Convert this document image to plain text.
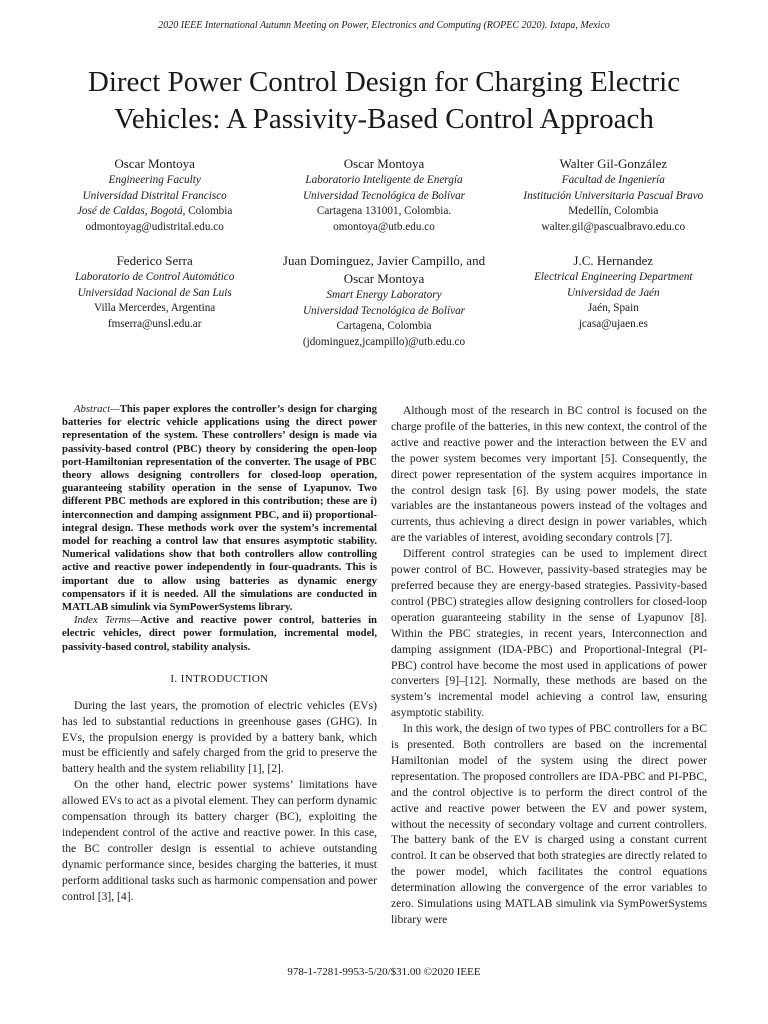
2020 IEEE International Autumn Meeting on Power, Electronics and Computing (ROPEC 2020). Ixtapa, Mexico
Direct Power Control Design for Charging Electric Vehicles: A Passivity-Based Control Approach
Oscar Montoya
Engineering Faculty
Universidad Distrital Francisco
José de Caldas, Bogotá, Colombia
odmontoyag@udistrital.edu.co
Oscar Montoya
Laboratorio Inteligente de Energía
Universidad Tecnológica de Bolívar
Cartagena 131001, Colombia.
omontoya@utb.edu.co
Walter Gil-González
Facultad de Ingeniería
Institución Universitaria Pascual Bravo
Medellín, Colombia
walter.gil@pascualbravo.edu.co
Federico Serra
Laboratorio de Control Automático
Universidad Nacional de San Luis
Villa Mercerdes, Argentina
fmserra@unsl.edu.ar
Juan Dominguez, Javier Campillo, and Oscar Montoya
Smart Energy Laboratory
Universidad Tecnológica de Bolívar
Cartagena, Colombia
(jdominguez,jcampillo)@utb.edu.co
J.C. Hernandez
Electrical Engineering Department
Universidad de Jaén
Jaén, Spain
jcasa@ujaen.es

Abstract—This paper explores the controller’s design for charging batteries for electric vehicle applications using the direct power representation of the system. These controllers’ design is made via passivity-based control (PBC) theory by considering the open-loop port-Hamiltonian representation of the converter. The usage of PBC theory allows designing controllers for closed-loop operation, guaranteeing stability operation in the sense of Lyapunov. Two different PBC methods are explored in this contribution; these are i) interconnection and damping assignment PBC, and ii) proportional-integral design. These methods work over the system’s incremental model for reaching a control law that ensures asymptotic stability. Numerical validations show that both controllers allow controlling active and reactive power independently in four-quadrants. This is important due to allow using batteries as dynamic energy compensators if it is needed. All the simulations are conducted in MATLAB simulink via SymPowerSystems library.

Index Terms—Active and reactive power control, batteries in electric vehicles, direct power formulation, incremental model, passivity-based control, stability analysis.

I. INTRODUCTION

During the last years, the promotion of electric vehicles (EVs) has led to substantial reductions in greenhouse gases (GHG). In EVs, the propulsion energy is provided by a battery bank, which must be efficiently and safely charged from the grid to preserve the battery health and the system reliability [1], [2].

On the other hand, electric power systems’ limitations have allowed EVs to act as a pivotal element. They can perform dynamic compensation through its battery charger (BC), exploiting the independent control of the active and reactive power. In this case, the BC controller design is essential to achieve outstanding dynamic performance since, besides charging the batteries, it must perform additional tasks such as harmonic compensation and power control [3], [4].

Although most of the research in BC control is focused on the charge profile of the batteries, in this new context, the control of the active and reactive power and the interaction between the EV and the power system becomes very important [5]. Consequently, the direct power representation of the system acquires importance in the control design task [6]. By using power models, the state variables are the instantaneous powers instead of the voltages and currents, thus achieving a direct design in power variables, which are the variables of interest, avoiding secondary controls [7].

Different control strategies can be used to implement direct power control of BC. However, passivity-based strategies may be preferred because they are energy-based strategies. Passivity-based control (PBC) strategies allow designing controllers for closed-loop operation guaranteeing stability in the sense of Lyapunov [8]. Within the PBC strategies, in recent years, Interconnection and damping assignment (IDA-PBC) and Proportional-Integral (PI-PBC) control have become the most used in applications of power converters [9]–[12]. Normally, these methods are based on the system’s incremental model achieving a control law, ensuring asymptotic stability.

In this work, the design of two types of PBC controllers for a BC is presented. Both controllers are based on the incremental Hamiltonian model of the system using the direct power representation. The proposed controllers are IDA-PBC and PI-PBC, and the control objective is to perform the direct control of the active and reactive power between the EV and power system, without the necessity of secondary voltage and current controllers. The battery bank of the EV is charged using a constant current control. It can be observed that both strategies are directly related to the power model, which facilitates the control equations determination allowing the convergence of the error variables to zero. Simulations using MATLAB simulink via SymPowerSystems library were

978-1-7281-9953-5/20/$31.00 ©2020 IEEE
